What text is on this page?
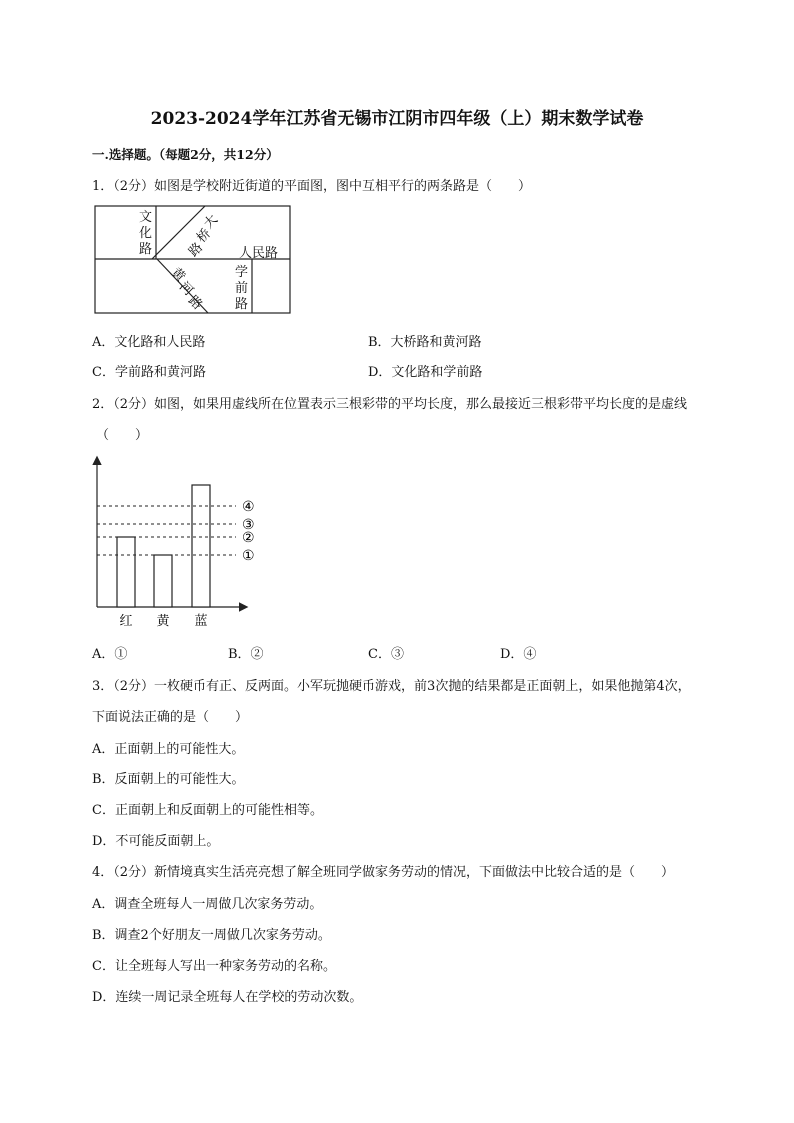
2023-2024学年江苏省无锡市江阴市四年级（上）期末数学试卷
一.选择题。（每题2分，共12分）
1．（2分）如图是学校附近街道的平面图，图中互相平行的两条路是（　　）
文
化
路
大
桥
路	人民路
黄
河
路
学
前
路
A．文化路和人民路	B．大桥路和黄河路
C．学前路和黄河路	D．文化路和学前路
2．（2分）如图，如果用虚线所在位置表示三根彩带的平均长度，那么最接近三根彩带平均长度的是虚线
（　　）
红 黄 蓝
①
②
③
④
A．①	B．②	C．③	D．④
3．（2分）一枚硬币有正、反两面。小军玩抛硬币游戏，前3次抛的结果都是正面朝上，如果他抛第4次，
下面说法正确的是（　　）
A．正面朝上的可能性大。
B．反面朝上的可能性大。
C．正面朝上和反面朝上的可能性相等。
D．不可能反面朝上。
4．（2分）新情境真实生活亮亮想了解全班同学做家务劳动的情况，下面做法中比较合适的是（　　）
A．调查全班每人一周做几次家务劳动。
B．调查2个好朋友一周做几次家务劳动。
C．让全班每人写出一种家务劳动的名称。
D．连续一周记录全班每人在学校的劳动次数。
